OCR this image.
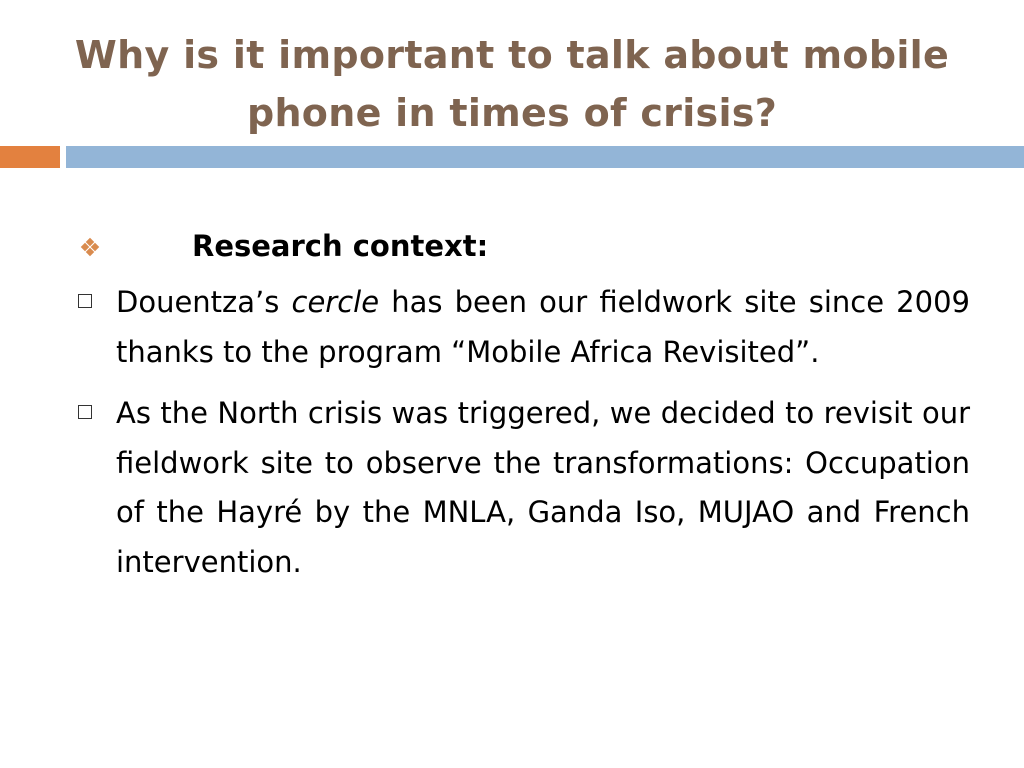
Why is it important to talk about mobile phone in times of crisis?
Research context:

Douentza’s cercle has been our fieldwork site since 2009 thanks to the program “Mobile Africa Revisited”.

As the North crisis was triggered, we decided to revisit our fieldwork site to observe the transformations: Occupation of the Hayré by the MNLA, Ganda Iso, MUJAO and French intervention.
